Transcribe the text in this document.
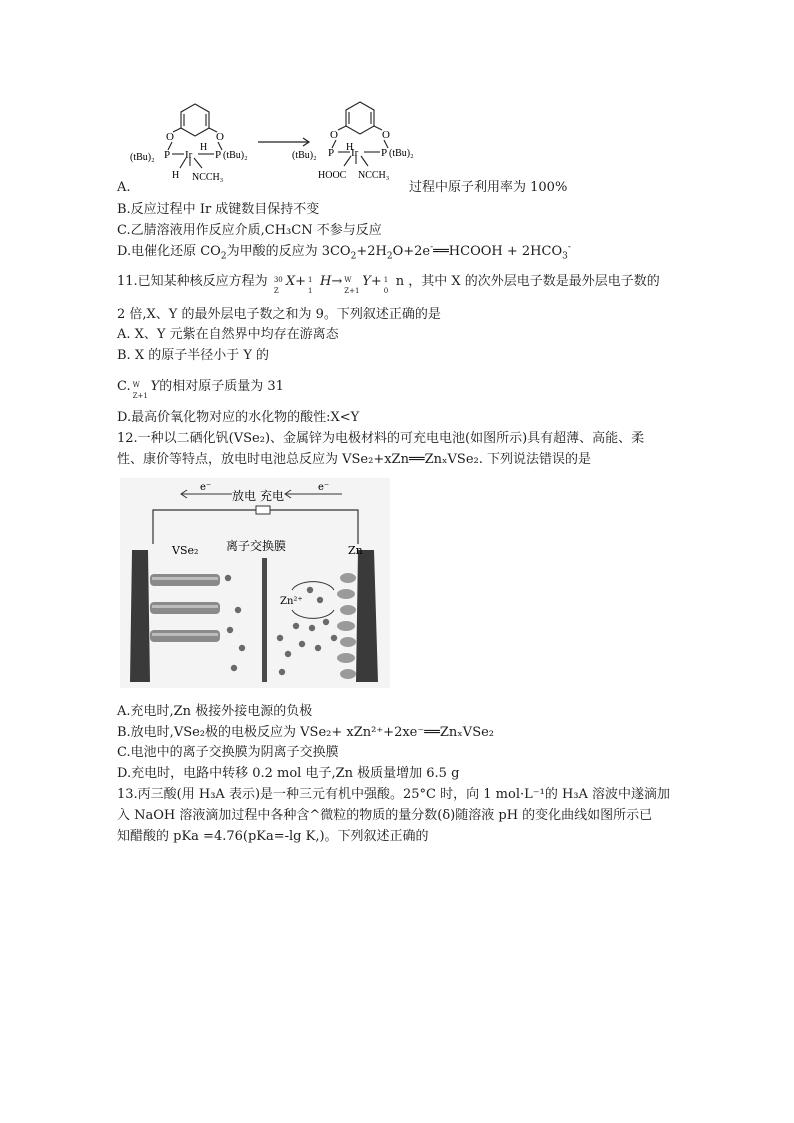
O	O
H
(tBu)₂ P Ir P (tBu)₂
H NCCH₃
O	O
H
(tBu)₂ P Ir P (tBu)₂
HOOC NCCH₃
A.	过程中原子利用率为 100%
B.反应过程中 Ir 成键数目保持不变
C.乙腈溶液用作反应介质,CH₃CN 不参与反应
D.电催化还原 $CO_2$为甲酸的反应为 $3CO_2+2H_2O+2e^-══HCOOH + 2HCO_3^-$
11.已知某种核反应方程为 30
Z
X+ 1
1
H→ W
Z+1
Y+ 1
0
n ，其中 X 的次外层电子数是最外层电子数的
2 倍,X、Y 的最外层电子数之和为 9。下列叙述正确的是
A. X、Y 元紫在自然界中均存在游离态
B. X 的原子半径小于 Y 的
C. W
Z+1
Y的相对原子质量为 31
D.最高价氧化物对应的水化物的酸性:X<Y
12.一种以二硒化钒(VSe₂)、金属锌为电极材料的可充电电池(如图所示)具有超薄、高能、柔
性、康价等特点，放电时电池总反应为 VSe₂+xZn══ZnₓVSe₂. 下列说法错误的是
e⁻
放电 充电
e⁻
VSe₂ 离子交换膜	Zn
Zn²⁺
A.充电时,Zn 极接外接电源的负极
B.放电时,VSe₂极的电极反应为 VSe₂+ xZn²⁺+2xe⁻══ZnₓVSe₂
C.电池中的离子交换膜为阴离子交换膜
D.充电时，电路中转移 0.2 mol 电子,Zn 极质量增加 6.5 g
13.丙三酸(用 H₃A 表示)是一种三元有机中强酸。25°C 时，向 1 mol·L⁻¹的 H₃A 溶波中遂滴加
入 NaOH 溶液滴加过程中各种含^微粒的物质的量分数(δ)随溶液 pH 的变化曲线如图所示已
知醋酸的 pKa =4.76(pKa=-lg K,)。下列叙述正确的
